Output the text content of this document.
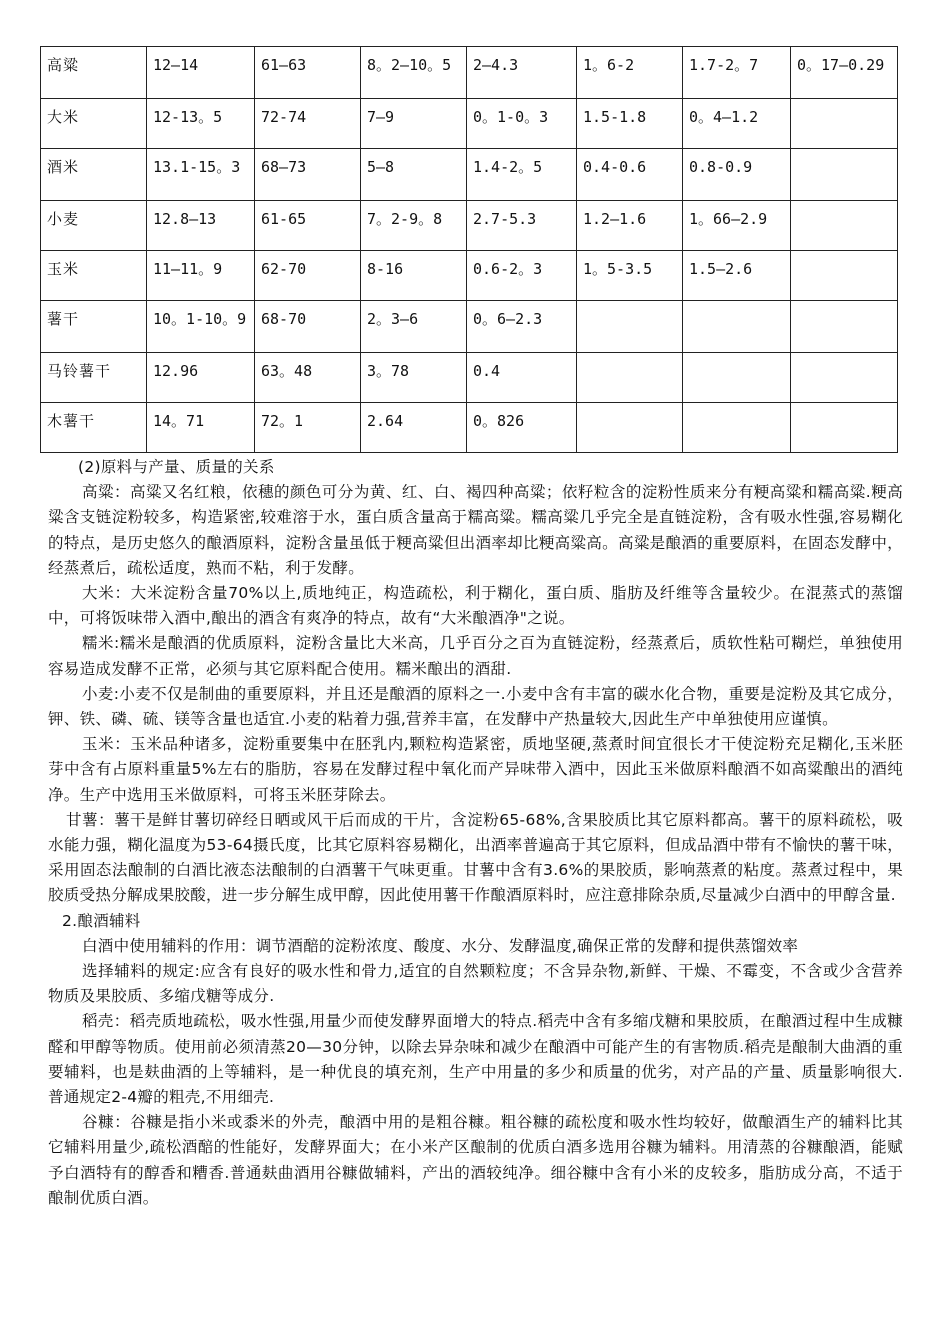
高粱	12—14	61—63	8。2—10。5	2—4.3	1。6-2	1.7-2。7	0。17—0.29
大米	12-13。5	72-74	7—9	0。1-0。3	1.5-1.8	0。4—1.2	
酒米	13.1-15。3	68—73	5—8	1.4-2。5	0.4-0.6	0.8-0.9	
小麦	12.8—13	61-65	7。2-9。8	2.7-5.3	1.2—1.6	1。66—2.9	
玉米	11—11。9	62-70	8-16	0.6-2。3	1。5-3.5	1.5—2.6	
薯干	10。1-10。9	68-70	2。3—6	0。6—2.3			
马铃薯干	12.96	63。48	3。78	0.4			
木薯干	14。71	72。1	2.64	0。826			

(2)原料与产量、质量的关系

高粱：高粱又名红粮，依穗的颜色可分为黄、红、白、褐四种高粱；依籽粒含的淀粉性质来分有粳高粱和糯高粱.粳高粱含支链淀粉较多，构造紧密,较难溶于水，蛋白质含量高于糯高粱。糯高粱几乎完全是直链淀粉，含有吸水性强,容易糊化的特点，是历史悠久的酿酒原料，淀粉含量虽低于粳高粱但出酒率却比粳高粱高。高粱是酿酒的重要原料，在固态发酵中，经蒸煮后，疏松适度，熟而不粘，利于发酵。

大米：大米淀粉含量70%以上,质地纯正，构造疏松，利于糊化，蛋白质、脂肪及纤维等含量较少。在混蒸式的蒸馏中，可将饭味带入酒中,酿出的酒含有爽净的特点，故有“大米酿酒净"之说。

糯米:糯米是酿酒的优质原料，淀粉含量比大米高，几乎百分之百为直链淀粉，经蒸煮后，质软性粘可糊烂，单独使用容易造成发酵不正常，必须与其它原料配合使用。糯米酿出的酒甜.

小麦:小麦不仅是制曲的重要原料，并且还是酿酒的原料之一.小麦中含有丰富的碳水化合物，重要是淀粉及其它成分，钾、铁、磷、硫、镁等含量也适宜.小麦的粘着力强,营养丰富，在发酵中产热量较大,因此生产中单独使用应谨慎。

玉米：玉米品种诸多，淀粉重要集中在胚乳内,颗粒构造紧密，质地坚硬,蒸煮时间宜很长才干使淀粉充足糊化,玉米胚芽中含有占原料重量5%左右的脂肪，容易在发酵过程中氧化而产异味带入酒中，因此玉米做原料酿酒不如高粱酿出的酒纯净。生产中选用玉米做原料，可将玉米胚芽除去。

甘薯：薯干是鲜甘薯切碎经日晒或风干后而成的干片，含淀粉65-68%,含果胶质比其它原料都高。薯干的原料疏松，吸水能力强，糊化温度为53-64摄氏度，比其它原料容易糊化，出酒率普遍高于其它原料，但成品酒中带有不愉快的薯干味，采用固态法酿制的白酒比液态法酿制的白酒薯干气味更重。甘薯中含有3.6%的果胶质，影响蒸煮的粘度。蒸煮过程中，果胶质受热分解成果胶酸，进一步分解生成甲醇，因此使用薯干作酿酒原料时，应注意排除杂质,尽量减少白酒中的甲醇含量.

2.酿酒辅料

白酒中使用辅料的作用：调节酒醅的淀粉浓度、酸度、水分、发酵温度,确保正常的发酵和提供蒸馏效率

选择辅料的规定:应含有良好的吸水性和骨力,适宜的自然颗粒度；不含异杂物,新鲜、干燥、不霉变，不含或少含营养物质及果胶质、多缩戊糖等成分.

稻壳：稻壳质地疏松，吸水性强,用量少而使发酵界面增大的特点.稻壳中含有多缩戊糖和果胶质，在酿酒过程中生成糠醛和甲醇等物质。使用前必须清蒸20—30分钟，以除去异杂味和减少在酿酒中可能产生的有害物质.稻壳是酿制大曲酒的重要辅料，也是麸曲酒的上等辅料，是一种优良的填充剂，生产中用量的多少和质量的优劣，对产品的产量、质量影响很大.普通规定2-4瓣的粗壳,不用细壳.

谷糠：谷糠是指小米或黍米的外壳，酿酒中用的是粗谷糠。粗谷糠的疏松度和吸水性均较好，做酿酒生产的辅料比其它辅料用量少,疏松酒醅的性能好，发酵界面大；在小米产区酿制的优质白酒多选用谷糠为辅料。用清蒸的谷糠酿酒，能赋予白酒特有的醇香和糟香.普通麸曲酒用谷糠做辅料，产出的酒较纯净。细谷糠中含有小米的皮较多，脂肪成分高，不适于酿制优质白酒。
